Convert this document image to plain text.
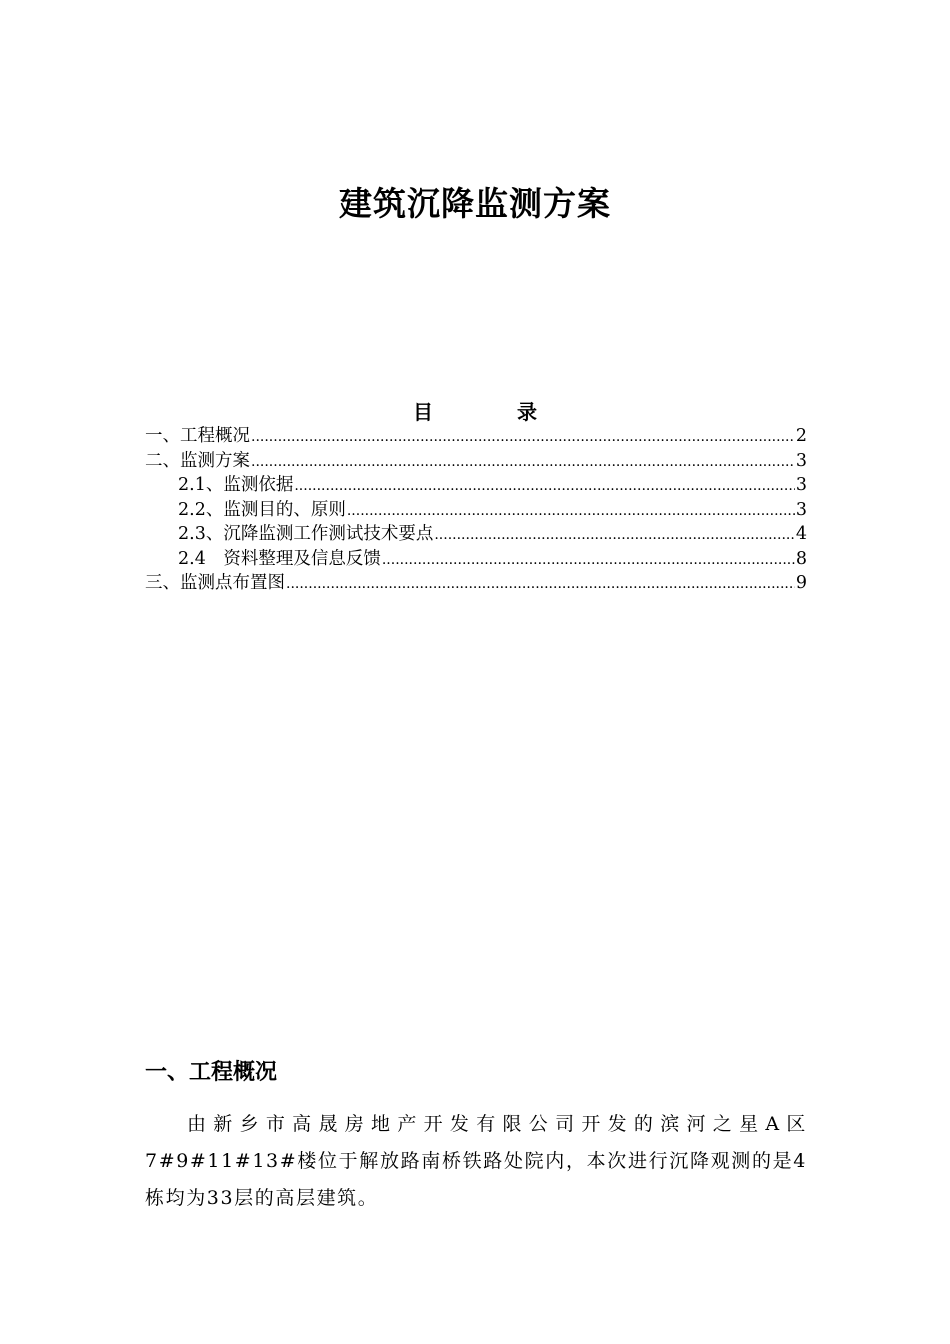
建筑沉降监测方案
目	录
一、工程概况 .....	2
二、监测方案 .....	3
2.1、监测依据 .....	3
2.2、监测目的、原则 .....	3
2.3、沉降监测工作测试技术要点 .....	4
2.4　资料整理及信息反馈 .....	8
三、监测点布置图 .....	9
一、工程概况

由新乡市高晟房地产开发有限公司开发的滨河之星A区7#9#11#13#楼位于解放路南桥铁路处院内，本次进行沉降观测的是4栋均为33层的高层建筑。
